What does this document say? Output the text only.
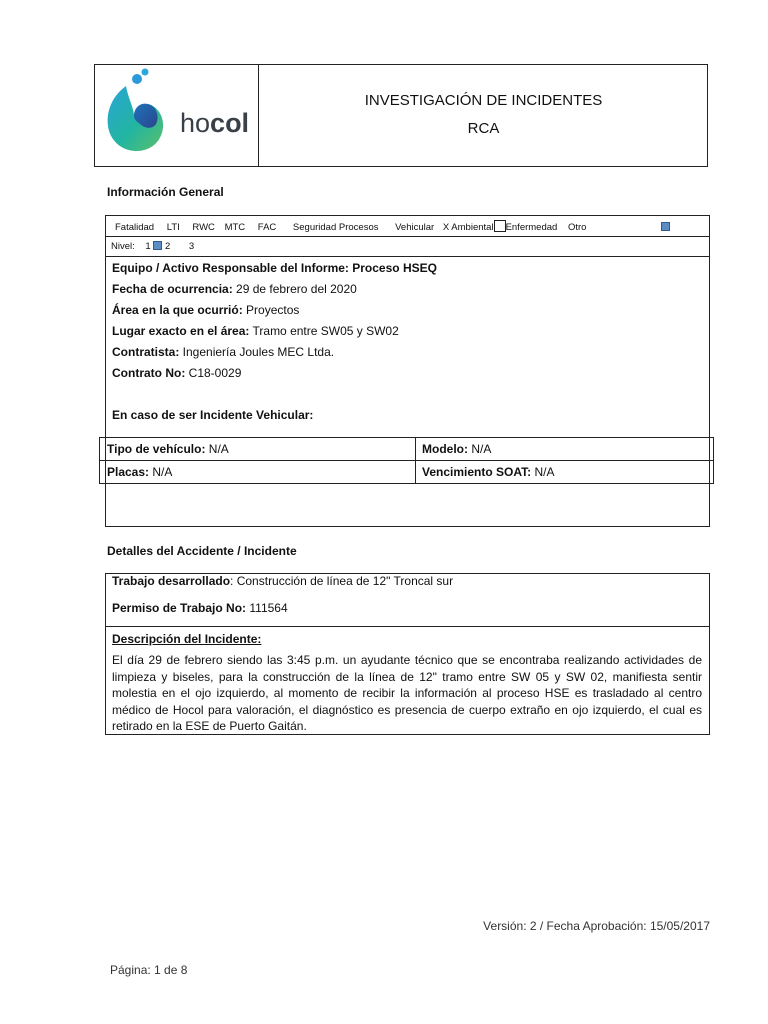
hocol
INVESTIGACIÓN DE INCIDENTES
RCA
Información General
Fatalidad LTI RWC MTC FAC Seguridad Procesos Vehicular X Ambiental Enfermedad Otro
Nivel: 1 2 3
Equipo / Activo Responsable del Informe: Proceso HSEQ
Fecha de ocurrencia: 29 de febrero del 2020
Área en la que ocurrió: Proyectos
Lugar exacto en el área: Tramo entre SW05 y SW02
Contratista: Ingeniería Joules MEC Ltda.
Contrato No: C18-0029
En caso de ser Incidente Vehicular:
Tipo de vehículo: N/A	Modelo: N/A
Placas: N/A	Vencimiento SOAT: N/A
Detalles del Accidente / Incidente
Trabajo desarrollado: Construcción de línea de 12" Troncal sur
Permiso de Trabajo No: 111564
Descripción del Incidente:
El día 29 de febrero siendo las 3:45 p.m. un ayudante técnico que se encontraba realizando actividades de limpieza y biseles, para la construcción de la línea de 12" tramo entre SW 05 y SW 02, manifiesta sentir molestia en el ojo izquierdo, al momento de recibir la información al proceso HSE es trasladado al centro médico de Hocol para valoración, el diagnóstico es presencia de cuerpo extraño en ojo izquierdo, el cual es retirado en la ESE de Puerto Gaitán.
Versión: 2 / Fecha Aprobación: 15/05/2017
Página: 1 de 8
